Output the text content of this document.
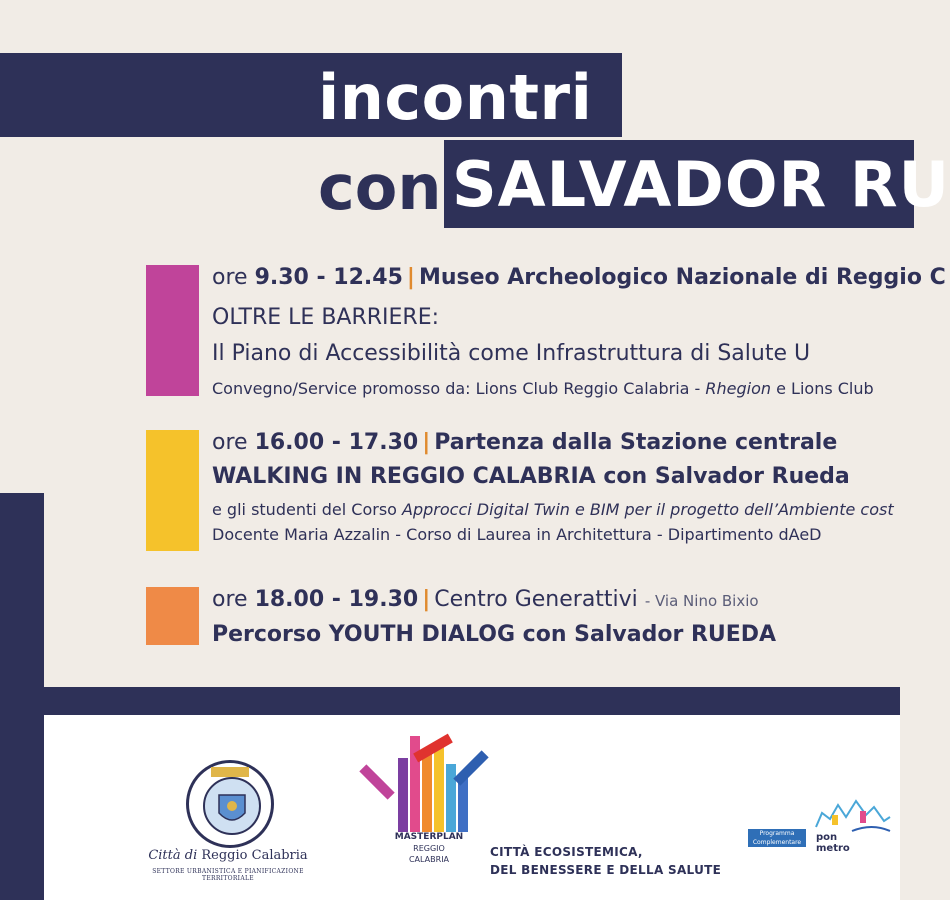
incontri
con SALVADOR RU
ore 9.30 - 12.45 | Museo Archeologico Nazionale di Reggio C
OLTRE LE BARRIERE:
Il Piano di Accessibilità come Infrastruttura di Salute U
Convegno/Service promosso da: Lions Club Reggio Calabria - Rhegion e Lions Club
ore 16.00 - 17.30 | Partenza dalla Stazione centrale
WALKING IN REGGIO CALABRIA con Salvador Rueda
e gli studenti del Corso Approcci Digital Twin e BIM per il progetto dell’Ambiente cost
Docente Maria Azzalin - Corso di Laurea in Architettura - Dipartimento dAeD
ore 18.00 - 19.30 | Centro Generattivi - Via Nino Bixio
Percorso YOUTH DIALOG con Salvador RUEDA
Città di Reggio Calabria
SETTORE URBANISTICA E PIANIFICAZIONE TERRITORIALE
MASTERPLAN
REGGIO CALABRIA
CITTÀ ECOSISTEMICA,
DEL BENESSERE E DELLA SALUTE
Programma
Complementare	pon
metro
